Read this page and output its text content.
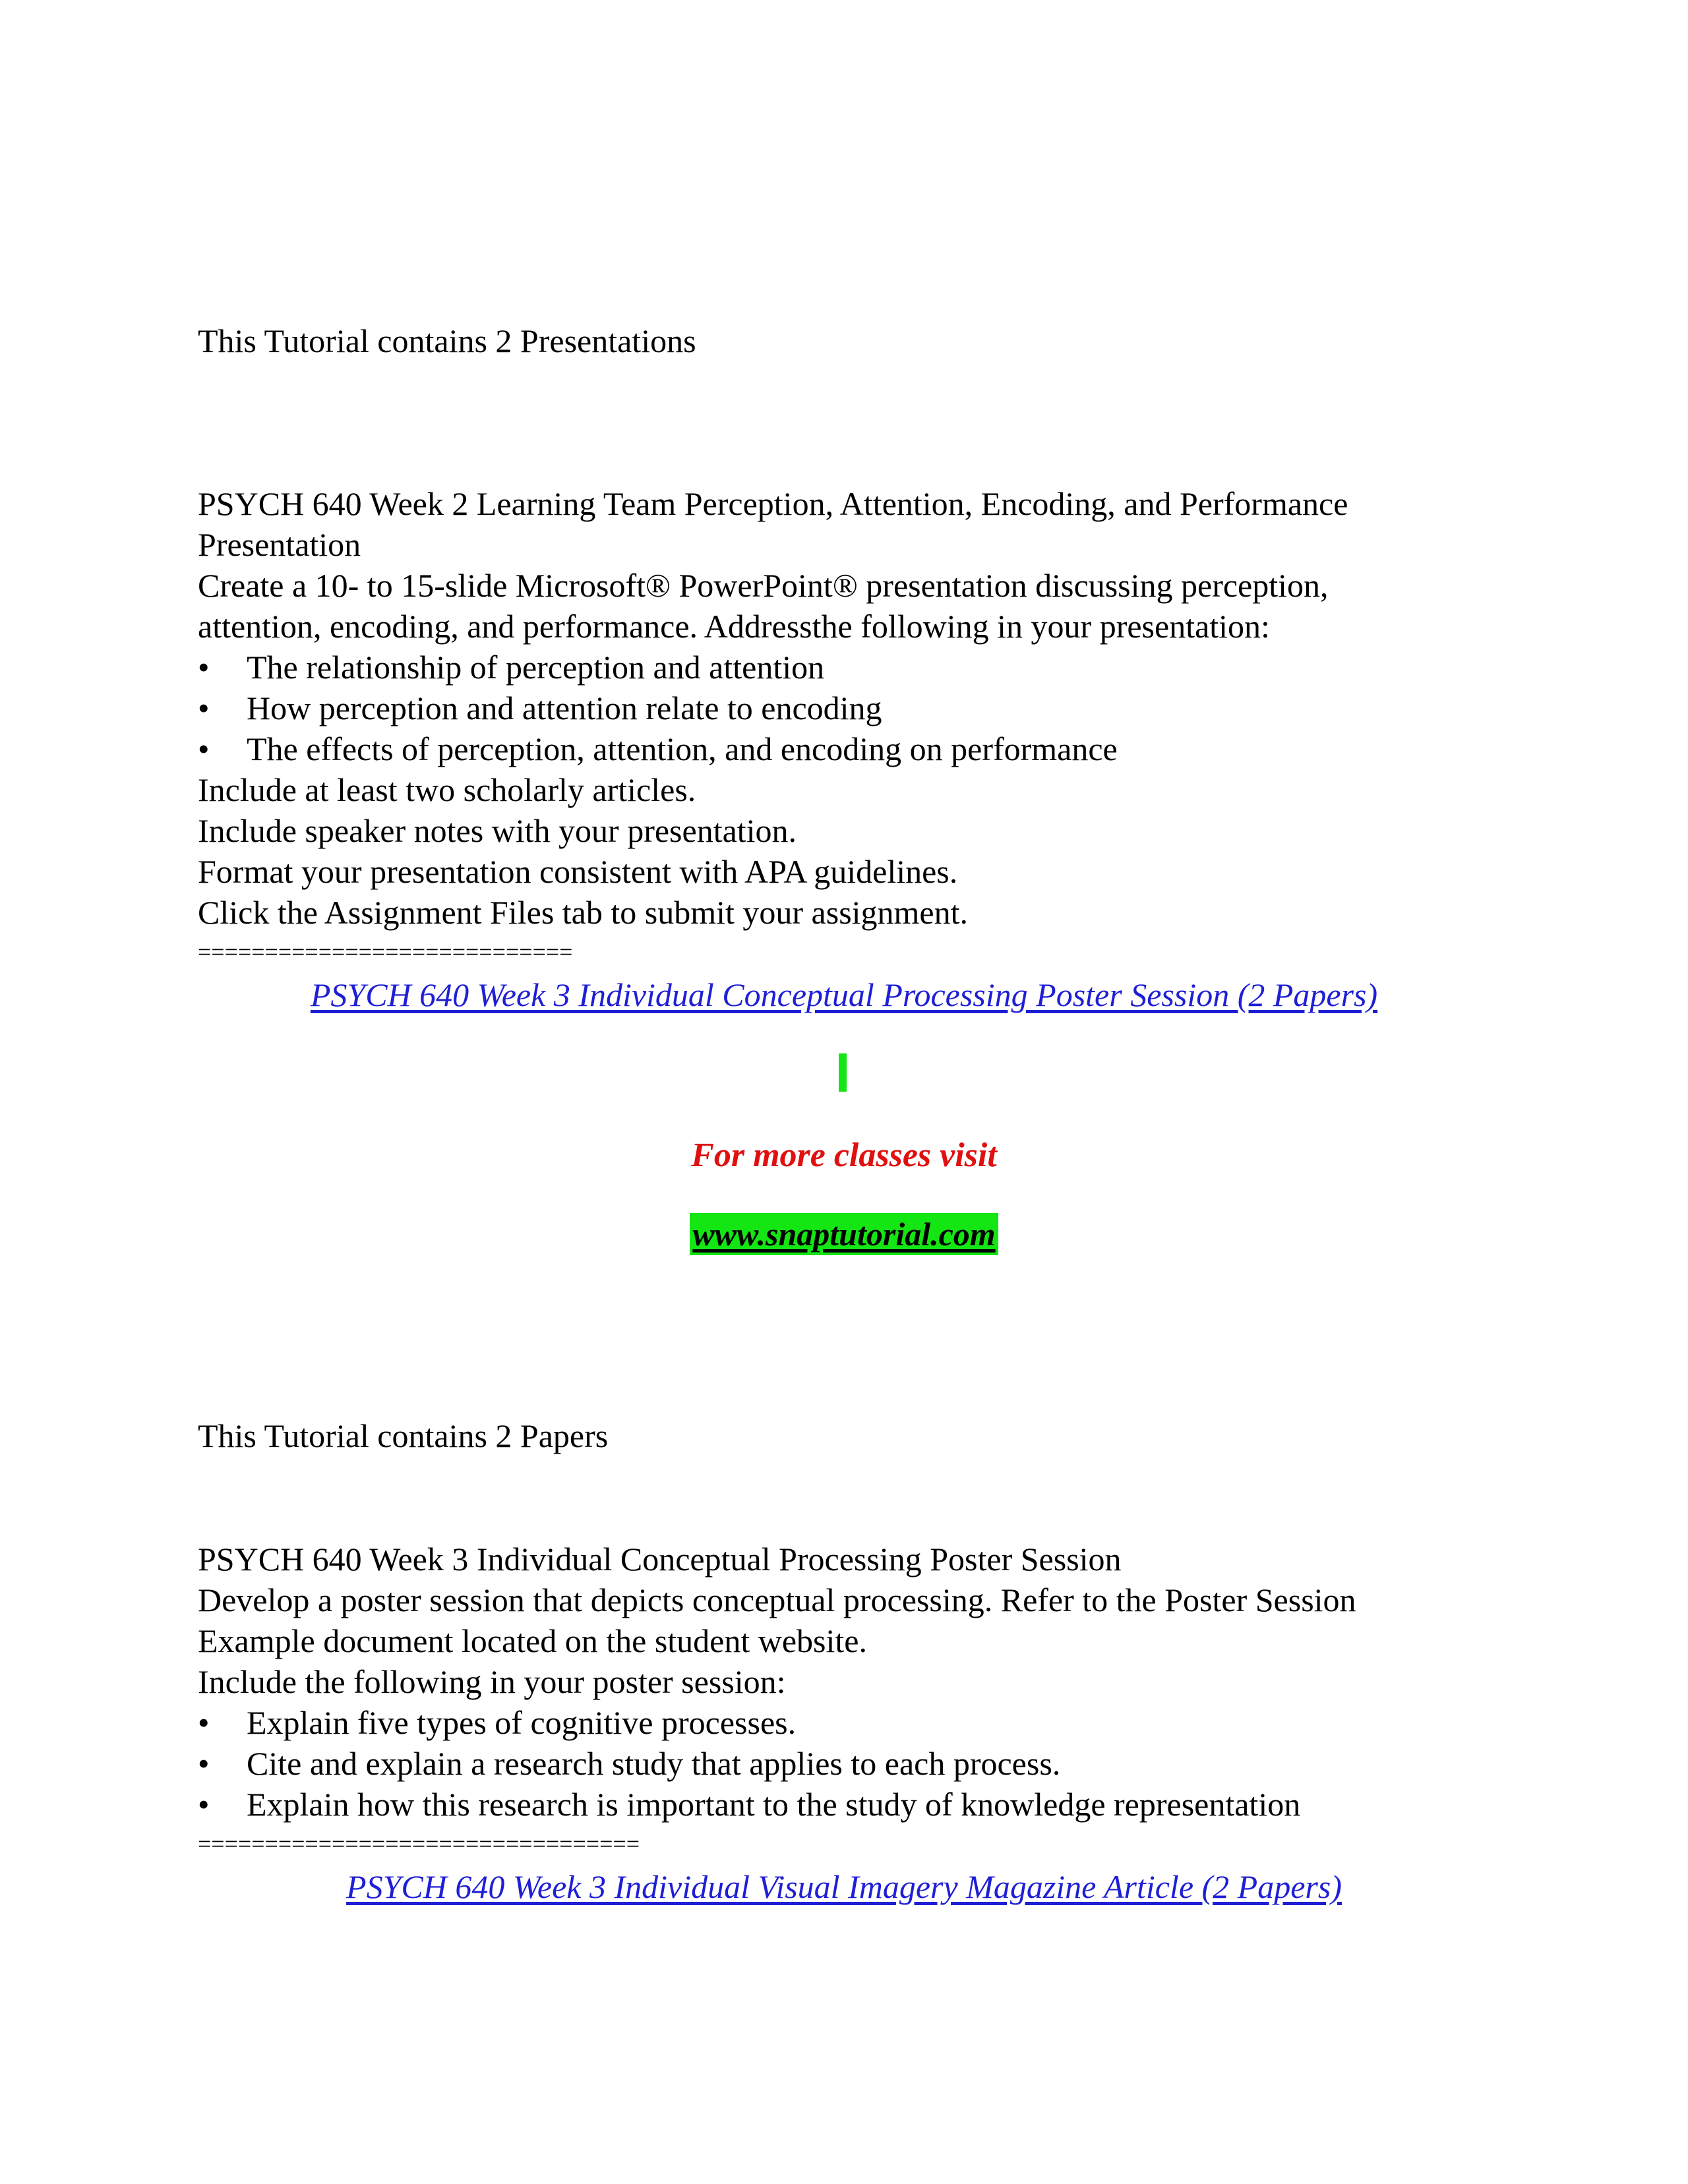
This Tutorial contains 2 Presentations
PSYCH 640 Week 2 Learning Team Perception, Attention, Encoding, and Performance
Presentation
Create a 10- to 15-slide Microsoft® PowerPoint® presentation discussing perception,
attention, encoding, and performance. Addressthe following in your presentation:
• The relationship of perception and attention
• How perception and attention relate to encoding
• The effects of perception, attention, and encoding on performance
Include at least two scholarly articles.
Include speaker notes with your presentation.
Format your presentation consistent with APA guidelines.
Click the Assignment Files tab to submit your assignment.
============================
PSYCH 640 Week 3 Individual Conceptual Processing Poster Session (2 Papers)
For more classes visit
www.snaptutorial.com
This Tutorial contains 2 Papers
PSYCH 640 Week 3 Individual Conceptual Processing Poster Session
Develop a poster session that depicts conceptual processing. Refer to the Poster Session
Example document located on the student website.
Include the following in your poster session:
• Explain five types of cognitive processes.
• Cite and explain a research study that applies to each process.
• Explain how this research is important to the study of knowledge representation
=================================
PSYCH 640 Week 3 Individual Visual Imagery Magazine Article (2 Papers)
